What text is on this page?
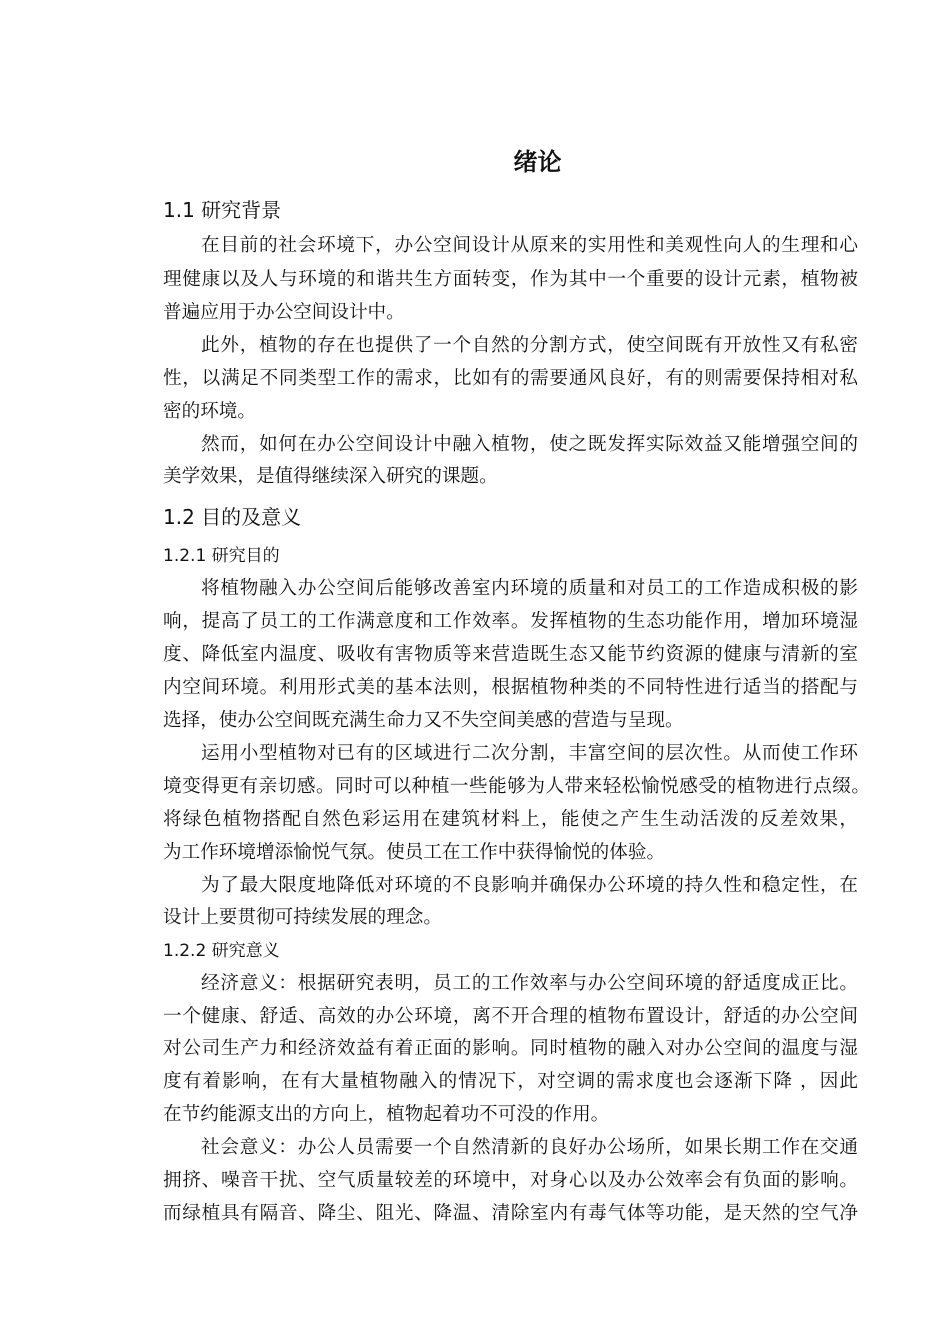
绪论
1.1 研究背景
在目前的社会环境下，办公空间设计从原来的实用性和美观性向人的生理和心
理健康以及人与环境的和谐共生方面转变，作为其中一个重要的设计元素，植物被
普遍应用于办公空间设计中。
此外，植物的存在也提供了一个自然的分割方式，使空间既有开放性又有私密
性，以满足不同类型工作的需求，比如有的需要通风良好，有的则需要保持相对私
密的环境。
然而，如何在办公空间设计中融入植物，使之既发挥实际效益又能增强空间的
美学效果，是值得继续深入研究的课题。
1.2 目的及意义
1.2.1 研究目的
将植物融入办公空间后能够改善室内环境的质量和对员工的工作造成积极的影
响，提高了员工的工作满意度和工作效率。发挥植物的生态功能作用，增加环境湿
度、降低室内温度、吸收有害物质等来营造既生态又能节约资源的健康与清新的室
内空间环境。利用形式美的基本法则，根据植物种类的不同特性进行适当的搭配与
选择，使办公空间既充满生命力又不失空间美感的营造与呈现。
运用小型植物对已有的区域进行二次分割，丰富空间的层次性。从而使工作环
境变得更有亲切感。同时可以种植一些能够为人带来轻松愉悦感受的植物进行点缀。
将绿色植物搭配自然色彩运用在建筑材料上，能使之产生生动活泼的反差效果，
为工作环境增添愉悦气氛。使员工在工作中获得愉悦的体验。
为了最大限度地降低对环境的不良影响并确保办公环境的持久性和稳定性，在
设计上要贯彻可持续发展的理念。
1.2.2 研究意义
经济意义：根据研究表明，员工的工作效率与办公空间环境的舒适度成正比。
一个健康、舒适、高效的办公环境，离不开合理的植物布置设计，舒适的办公空间
对公司生产力和经济效益有着正面的影响。同时植物的融入对办公空间的温度与湿
度有着影响，在有大量植物融入的情况下，对空调的需求度也会逐渐下降 ，因此
在节约能源支出的方向上，植物起着功不可没的作用。
社会意义：办公人员需要一个自然清新的良好办公场所，如果长期工作在交通
拥挤、噪音干扰、空气质量较差的环境中，对身心以及办公效率会有负面的影响。
而绿植具有隔音、降尘、阻光、降温、清除室内有毒气体等功能，是天然的空气净
